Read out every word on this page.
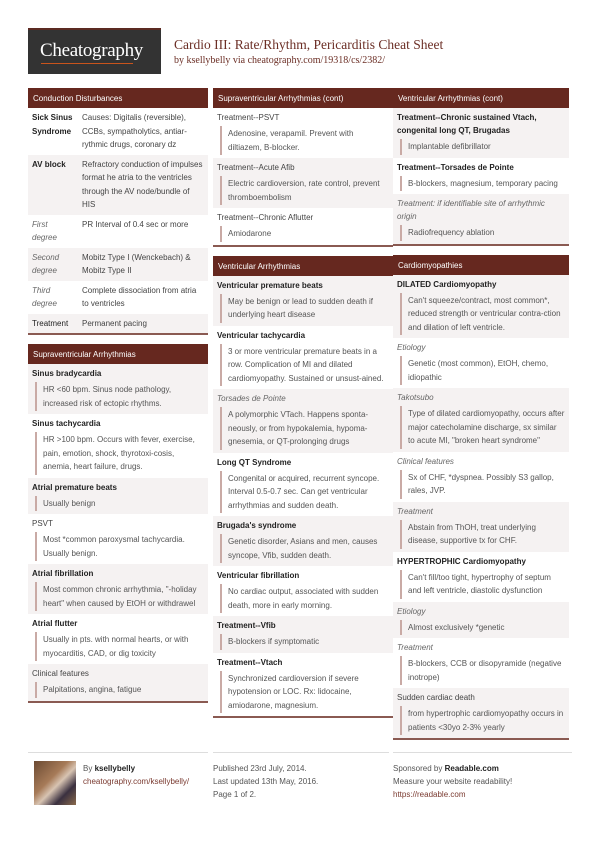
Cheatography Cardio III: Rate/Rhythm, Pericarditis Cheat Sheet
by ksellybelly via cheatography.com/19318/cs/2382/
Conduction Disturbances
Sick Sinus Syndrome	Causes: Digitalis (reversible), CCBs, sympatholytics, antiar-rythmic drugs, coronary dz
AV block	Refractory conduction of impulses format he atria to the ventricles through the AV node/bundle of HIS
First degree	PR Interval of 0.4 sec or more
Second degree	Mobitz Type I (Wenckebach) & Mobitz Type II
Third degree	Complete dissociation from atria to ventricles
Treatment	Permanent pacing
Supraventricular Arrhythmias
Sinus bradycardia
HR <60 bpm. Sinus node pathology, increased risk of ectopic rhythms.
Sinus tachycardia
HR >100 bpm. Occurs with fever, exercise, pain, emotion, shock, thyrotoxi-cosis, anemia, heart failure, drugs.
Atrial premature beats
Usually benign
PSVT
Most *common paroxysmal tachycardia. Usually benign.
Atrial fibrillation
Most common chronic arrhythmia, "-holiday heart" when caused by EtOH or withdrawel
Atrial flutter
Usually in pts. with normal hearts, or with myocarditis, CAD, or dig toxicity
Clinical features
Palpitations, angina, fatigue
Supraventricular Arrhythmias (cont)
Treatment--PSVT
Adenosine, verapamil. Prevent with diltiazem, B-blocker.
Treatment--Acute Afib
Electric cardioversion, rate control, prevent thromboembolism
Treatment--Chronic Aflutter
Amiodarone
Ventricular Arrhythmias
Ventricular premature beats
May be benign or lead to sudden death if underlying heart disease
Ventricular tachycardia
3 or more ventricular premature beats in a row. Complication of MI and dilated cardiomyopathy. Sustained or unsust-ained.
Torsades de Pointe
A polymorphic VTach. Happens sponta-neously, or from hypokalemia, hypoma-gnesemia, or QT-prolonging drugs
Long QT Syndrome
Congenital or acquired, recurrent syncope. Interval 0.5-0.7 sec. Can get ventricular arrhythmias and sudden death.
Brugada's syndrome
Genetic disorder, Asians and men, causes syncope, Vfib, sudden death.
Ventricular fibrillation
No cardiac output, associated with sudden death, more in early morning.
Treatment--Vfib
B-blockers if symptomatic
Treatment--Vtach
Synchronized cardioversion if severe hypotension or LOC. Rx: lidocaine, amiodarone, magnesium.
Ventricular Arrhythmias (cont)
Treatment--Chronic sustained Vtach, congenital long QT, Brugadas
Implantable defibrillator
Treatment--Torsades de Pointe
B-blockers, magnesium, temporary pacing
Treatment: if identifiable site of arrhythmic origin
Radiofrequency ablation
Cardiomyopathies
DILATED Cardiomyopathy
Can't squeeze/contract, most common*, reduced strength or ventricular contra-ction and dilation of left ventricle.
Etiology
Genetic (most common), EtOH, chemo, idiopathic
Takotsubo
Type of dilated cardiomyopathy, occurs after major catecholamine discharge, sx similar to acute MI, "broken heart syndrome"
Clinical features
Sx of CHF, *dyspnea. Possibly S3 gallop, rales, JVP.
Treatment
Abstain from ThOH, treat underlying disease, supportive tx for CHF.
HYPERTROPHIC Cardiomyopathy
Can't fill/too tight, hypertrophy of septum and left ventricle, diastolic dysfunction
Etiology
Almost exclusively *genetic
Treatment
B-blockers, CCB or disopyramide (negative inotrope)
Sudden cardiac death
from hypertrophic cardiomyopathy occurs in patients <30yo 2-3% yearly
By ksellybelly
cheatography.com/ksellybelly/
Published 23rd July, 2014.
Last updated 13th May, 2016.
Page 1 of 2.
Sponsored by Readable.com
Measure your website readability!
https://readable.com
